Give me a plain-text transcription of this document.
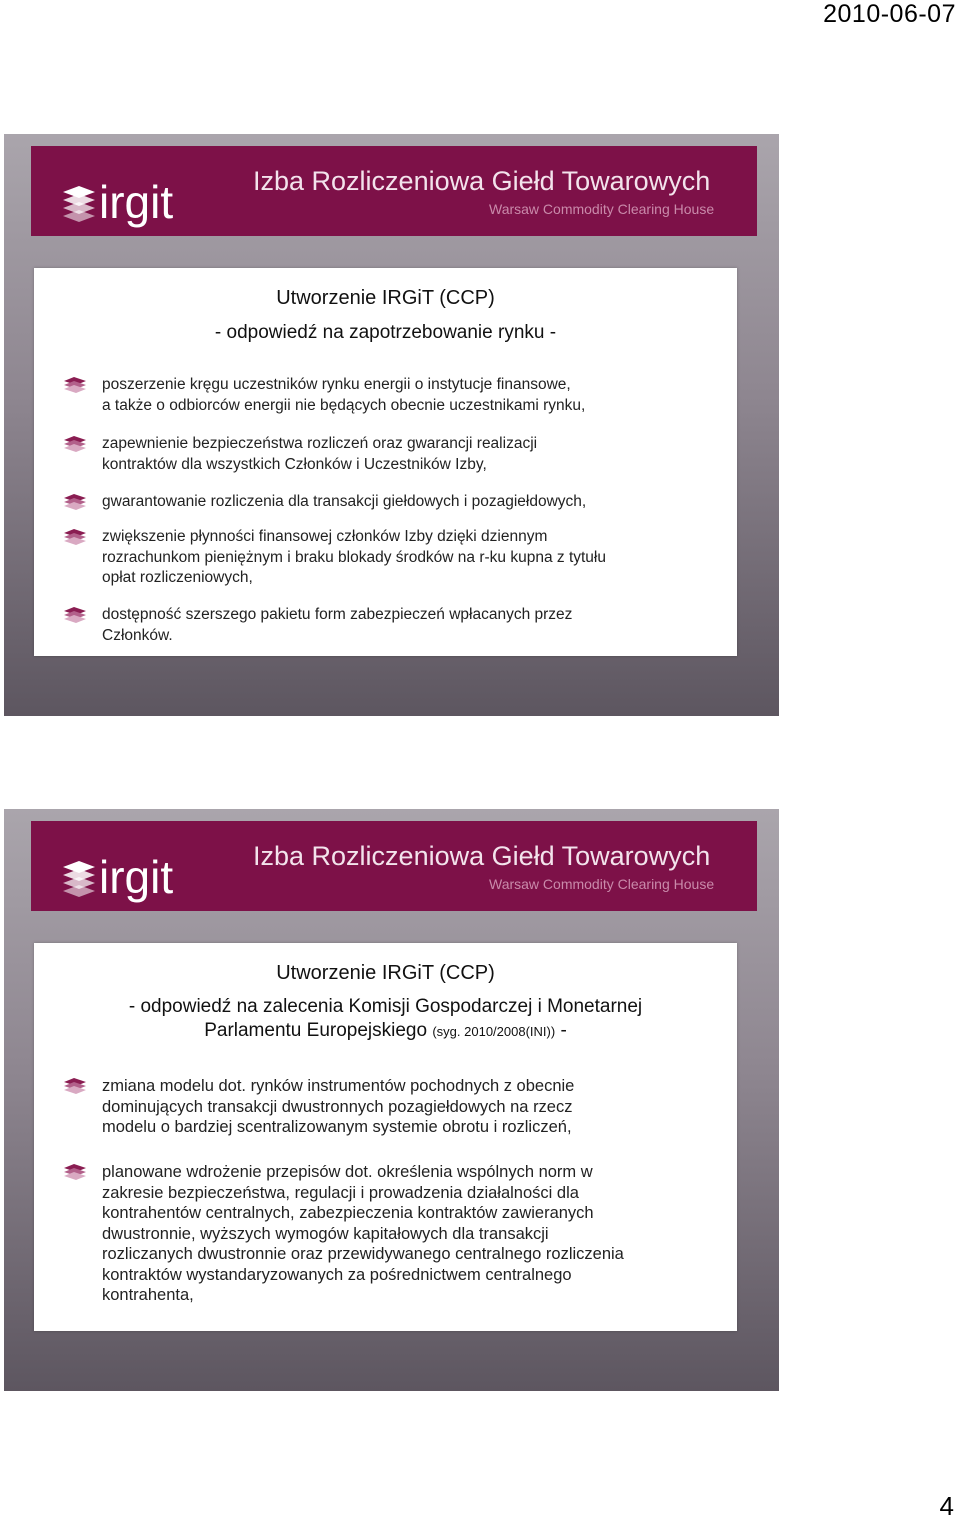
2010-06-07
irgit	Izba Rozliczeniowa Giełd Towarowych
Warsaw Commodity Clearing House
Utworzenie IRGiT (CCP)
- odpowiedź na zapotrzebowanie rynku -
poszerzenie kręgu uczestników rynku energii o instytucje finansowe,
a także o odbiorców energii nie będących obecnie uczestnikami rynku,
zapewnienie bezpieczeństwa rozliczeń oraz gwarancji realizacji
kontraktów dla wszystkich Członków i Uczestników Izby,
gwarantowanie rozliczenia dla transakcji giełdowych i pozagiełdowych,
zwiększenie płynności finansowej członków Izby dzięki dziennym
rozrachunkom pieniężnym i braku blokady środków na r-ku kupna z tytułu
opłat rozliczeniowych,
dostępność szerszego pakietu form zabezpieczeń wpłacanych przez
Członków.
irgit	Izba Rozliczeniowa Giełd Towarowych
Warsaw Commodity Clearing House
Utworzenie IRGiT (CCP)
- odpowiedź na zalecenia Komisji Gospodarczej i Monetarnej
Parlamentu Europejskiego (syg. 2010/2008(INI)) -
zmiana modelu dot. rynków instrumentów pochodnych z obecnie
dominujących transakcji dwustronnych pozagiełdowych na rzecz
modelu o bardziej scentralizowanym systemie obrotu i rozliczeń,
planowane wdrożenie przepisów dot. określenia wspólnych norm w
zakresie bezpieczeństwa, regulacji i prowadzenia działalności dla
kontrahentów centralnych, zabezpieczenia kontraktów zawieranych
dwustronnie, wyższych wymogów kapitałowych dla transakcji
rozliczanych dwustronnie oraz przewidywanego centralnego rozliczenia
kontraktów wystandaryzowanych za pośrednictwem centralnego
kontrahenta,
4
